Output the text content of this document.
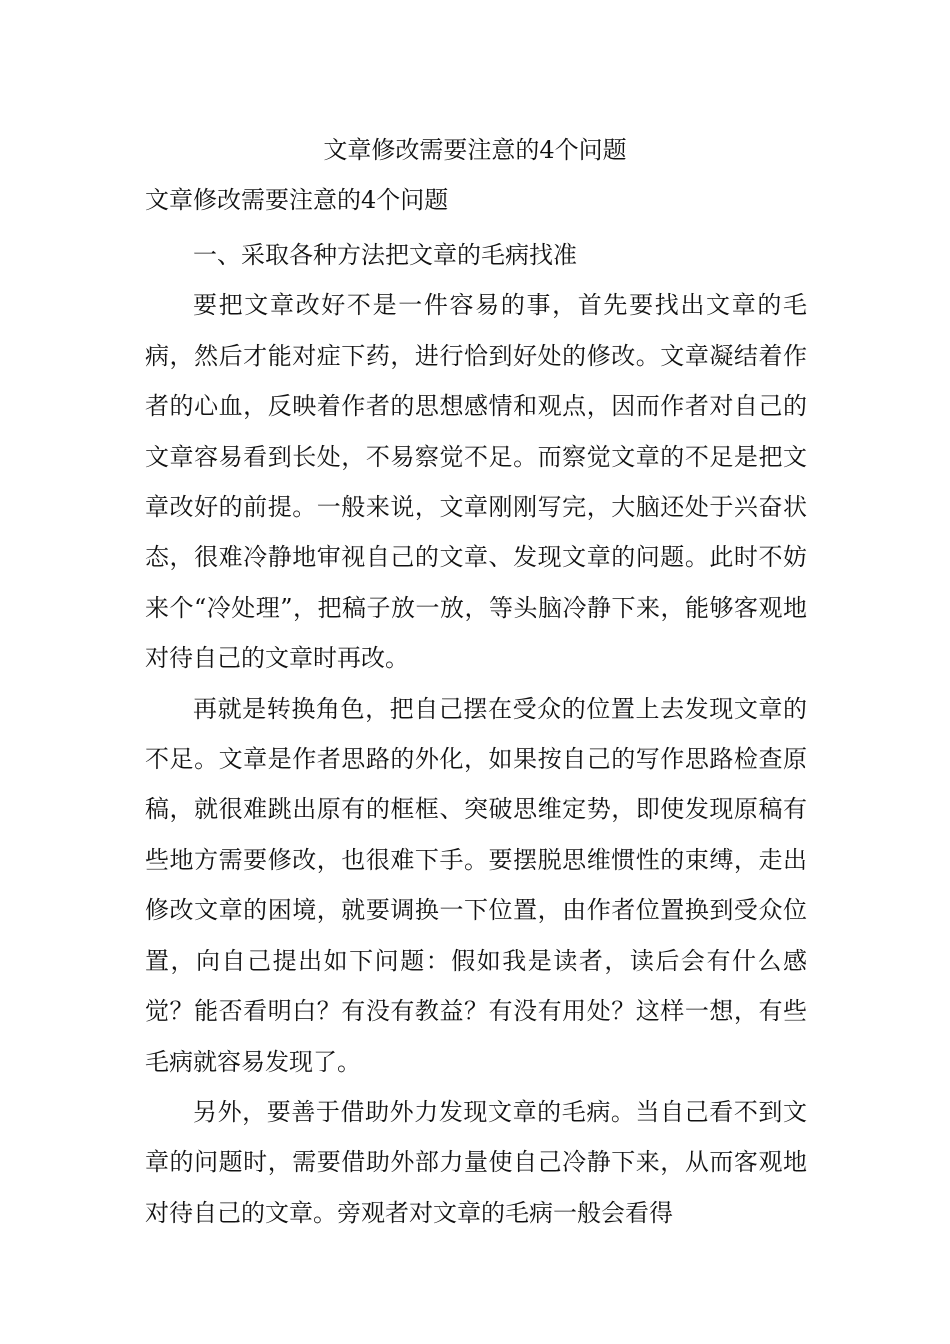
文章修改需要注意的4个问题
文章修改需要注意的4个问题

一、采取各种方法把文章的毛病找准

要把文章改好不是一件容易的事，首先要找出文章的毛病，然后才能对症下药，进行恰到好处的修改。文章凝结着作者的心血，反映着作者的思想感情和观点，因而作者对自己的文章容易看到长处，不易察觉不足。而察觉文章的不足是把文章改好的前提。一般来说，文章刚刚写完，大脑还处于兴奋状态，很难冷静地审视自己的文章、发现文章的问题。此时不妨来个“冷处理”，把稿子放一放，等头脑冷静下来，能够客观地对待自己的文章时再改。

再就是转换角色，把自己摆在受众的位置上去发现文章的不足。文章是作者思路的外化，如果按自己的写作思路检查原稿，就很难跳出原有的框框、突破思维定势，即使发现原稿有些地方需要修改，也很难下手。要摆脱思维惯性的束缚，走出修改文章的困境，就要调换一下位置，由作者位置换到受众位置，向自己提出如下问题：假如我是读者，读后会有什么感觉？能否看明白？有没有教益？有没有用处？这样一想，有些毛病就容易发现了。

另外，要善于借助外力发现文章的毛病。当自己看不到文章的问题时，需要借助外部力量使自己冷静下来，从而客观地对待自己的文章。旁观者对文章的毛病一般会看得
